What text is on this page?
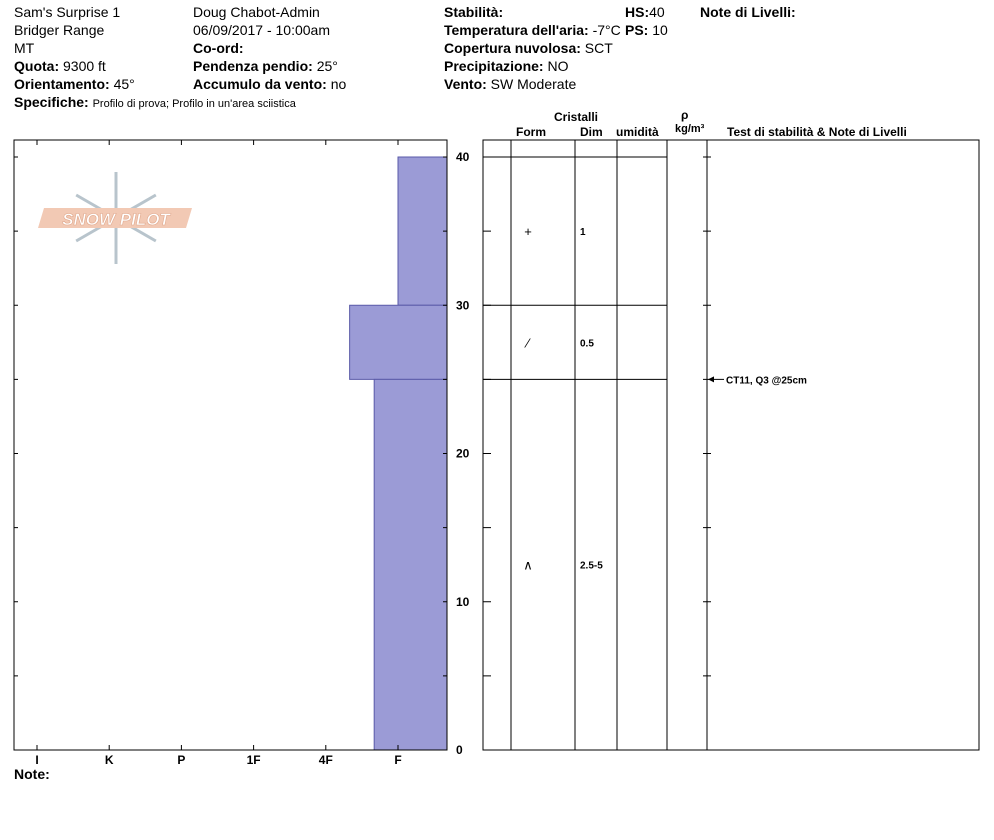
Sam's Surprise 1
Bridger Range
MT
Quota: 9300 ft
Orientamento: 45°
Specifiche: Profilo di prova; Profilo in un'area sciistica
Doug Chabot-Admin
06/09/2017 - 10:00am
Co-ord:
Pendenza pendio: 25°
Accumulo da vento: no
Stabilità:
Temperatura dell'aria: -7°C
Copertura nuvolosa: SCT
Precipitazione: NO
Vento: SW Moderate
HS:40
PS: 10
Note di Livelli:
Cristalli
Form	Dim umidità
ρ
kg/m³ Test di stabilità & Note di Livelli
Note:
SNOW PILOT
I	K	P	1F	4F	F
0
10
20
30
40
+	1
⁄	0.5
∧	2.5-5
CT11, Q3 @25cm
